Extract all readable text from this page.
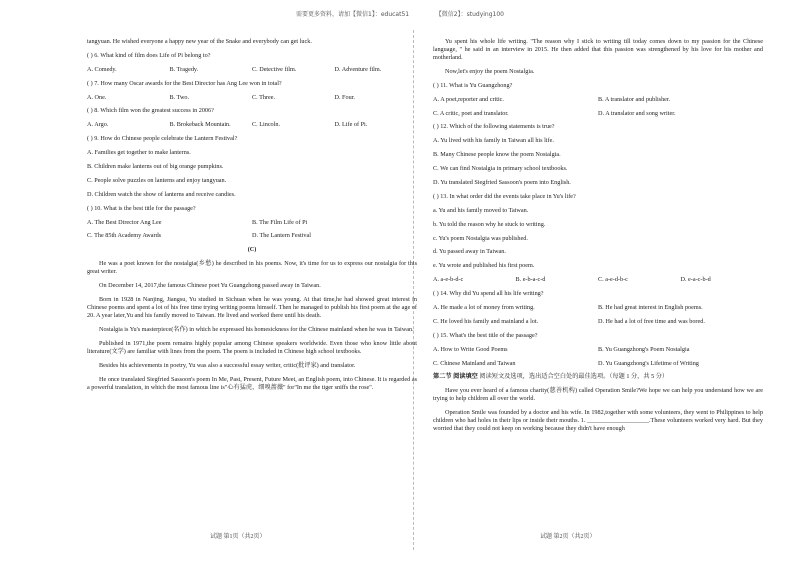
需要更多资料，请加【微信1】：educat51              【微信2】：studying100
tangyuan. He wished everyone a happy new year of the Snake and everybody can get luck.
( ) 6. What kind of film does Life of Pi belong to?
A. Comedy.	B. Tragedy.	C. Detective film.	D. Adventure film.
( ) 7. How many Oscar awards for the Best Director has Ang Lee won in total?
A. One.	B. Two.	C. Three.	D. Four.
( ) 8. Which film won the greatest success in 2006?
A. Argo.	B. Brokeback Mountain.	C. Lincoln.	D. Life of Pi.
( ) 9. How do Chinese people celebrate the Lantern Festival?
A. Families get together to make lanterns.
B. Children make lanterns out of big orange pumpkins.
C. People solve puzzles on lanterns and enjoy tangyuan.
D. Children watch the show of lanterns and receive candies.
( ) 10. What is the best title for the passage?
A. The Best Director Ang Lee	B. The Film Life of Pi
C. The 85th Academy Awards	D. The Lantern Festival
(C)
He was a poet known for the nostalgia(乡愁) he described in his poems. Now, it's time for us to express our nostalgia for this great writer.
On December 14, 2017,the famous Chinese poet Yu Guangzhong passed away in Taiwan.
Born in 1928 in Nanjing, Jiangsu, Yu studied in Sichuan when he was young. At that time,he had showed great interest in Chinese poems and spent a lot of his free time trying writing poems himself. Then he managed to publish his first poem at the age of 20. A year later,Yu and his family moved to Taiwan. He lived and worked there until his death.
Nostalgia is Yu's masterpiece(名作) in which he expressed his homesickness for the Chinese mainland when he was in Taiwan.
Published in 1971,the poem remains highly popular among Chinese speakers worldwide. Even those who know little about literature(文学) are familiar with lines from the poem. The poem is included in Chinese high school textbooks.
Besides his achievements in poetry, Yu was also a successful essay writer, critic(批评家) and translator.
He once translated Siegfried Sassoon's poem In Me, Past, Present, Future Meet, an English poem, into Chinese. It is regarded as a powerful translation, in which the most famous line is"心有猛虎，细嗅蔷薇" for"In me the tiger sniffs the rose".
Yu spent his whole life writing. "The reason why I stick to writing till today comes down to my passion for the Chinese language, " he said in an interview in 2015. He then added that this passion was strengthened by his love for his mother and motherland.
Now,let's enjoy the poem Nostalgia.
( ) 11. What is Yu Guangzhong?
A. A poet,reporter and critic.	B. A translator and publisher.
C. A critic, poet and translator.	D. A translator and song writer.
( ) 12. Which of the following statements is true?
A. Yu lived with his family in Taiwan all his life.
B. Many Chinese people know the poem Nostalgia.
C. We can find Nostalgia in primary school textbooks.
D. Yu translated Siegfried Sassoon's poem into English.
( ) 13. In what order did the events take place in Yu's life?
a. Yu and his family moved to Taiwan.
b. Yu told the reason why he stuck to writing.
c. Yu's poem Nostalgia was published.
d. Yu passed away in Taiwan.
e. Yu wrote and published his first poem.
A. a-e-b-d-c	B. e-b-a-c-d	C. a-e-d-b-c	D. e-a-c-b-d
( ) 14. Why did Yu spend all his life writing?
A. He made a lot of money from writing.	B. He had great interest in English poems.
C. He loved his family and mainland a lot.	D. He had a lot of free time and was bored.
( ) 15. What's the best title of the passage?
A. How to Write Good Poems	B. Yu Guangzhong's Poem Nostalgia
C. Chinese Mainland and Taiwan	D. Yu Guangzhong's Lifetime of Writing
第二节 阅读填空 阅读短文及选项，选出适合空白处的最佳选项。（每题 1 分，共 5 分）
Have you ever heard of a famous charity(慈善机构) called Operation Smile?We hope we can help you understand how we are trying to help children all over the world.
Operation Smile was founded by a doctor and his wife. In 1982,together with some volunteers, they went to Philippines to help children who had holes in their lips or inside their mouths. 1. ____________________.These volunteers worked very hard. But they worried that they could not keep on working because they didn't have enough
试题 第1页（共2页）	试题 第2页（共2页）
